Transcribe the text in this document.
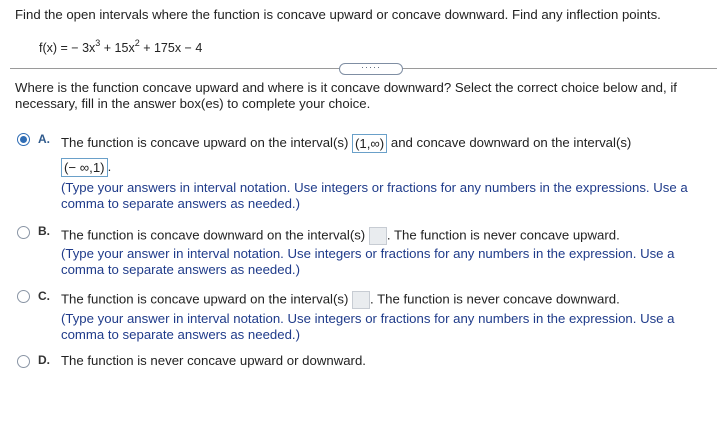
Find the open intervals where the function is concave upward or concave downward. Find any inflection points.
f(x) = − $3x^3 + 15x^2 + 175x - 4$
·····
Where is the function concave upward and where is it concave downward? Select the correct choice below and, if necessary, fill in the answer box(es) to complete your choice.
A. The function is concave upward on the interval(s) (1,∞) and concave downward on the interval(s)
(− ∞,1) .
(Type your answers in interval notation. Use integers or fractions for any numbers in the expressions. Use a comma to separate answers as needed.)
B. The function is concave downward on the interval(s) . The function is never concave upward.
(Type your answer in interval notation. Use integers or fractions for any numbers in the expression. Use a comma to separate answers as needed.)
C. The function is concave upward on the interval(s) . The function is never concave downward.
(Type your answer in interval notation. Use integers or fractions for any numbers in the expression. Use a comma to separate answers as needed.)
D. The function is never concave upward or downward.
